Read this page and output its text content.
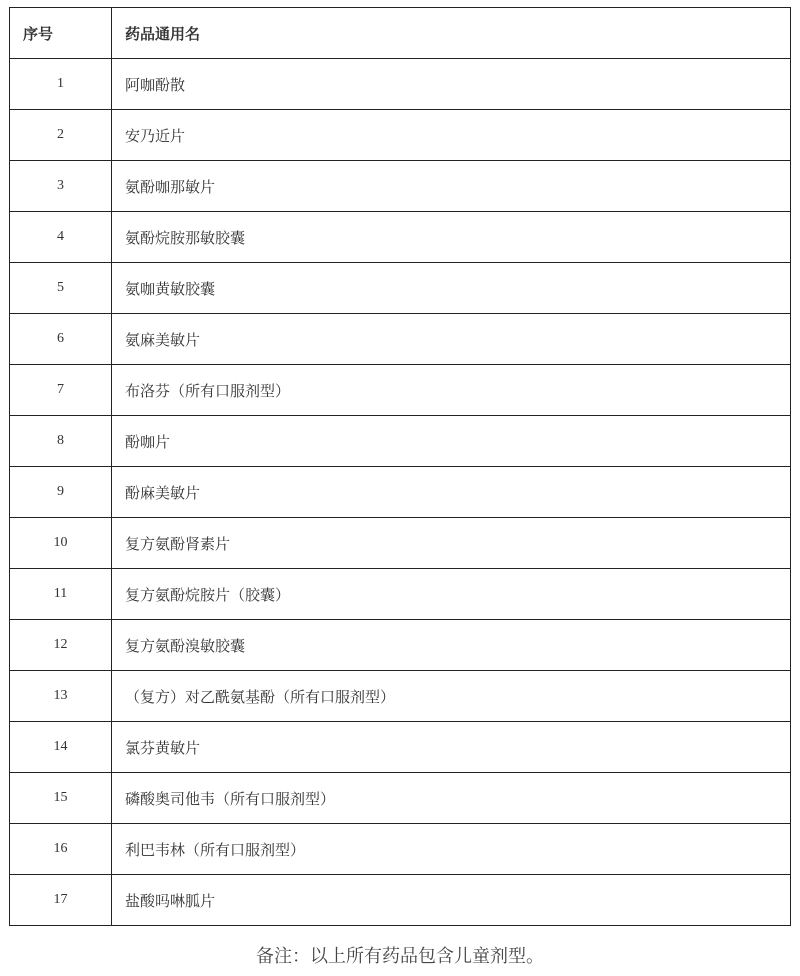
序号	药品通用名
1	阿咖酚散
2	安乃近片
3	氨酚咖那敏片
4	氨酚烷胺那敏胶囊
5	氨咖黄敏胶囊
6	氨麻美敏片
7	布洛芬（所有口服剂型）
8	酚咖片
9	酚麻美敏片
10	复方氨酚肾素片
11	复方氨酚烷胺片（胶囊）
12	复方氨酚溴敏胶囊
13	（复方）对乙酰氨基酚（所有口服剂型）
14	氯芬黄敏片
15	磷酸奥司他韦（所有口服剂型）
16	利巴韦林（所有口服剂型）
17	盐酸吗啉胍片
备注：以上所有药品包含儿童剂型。
